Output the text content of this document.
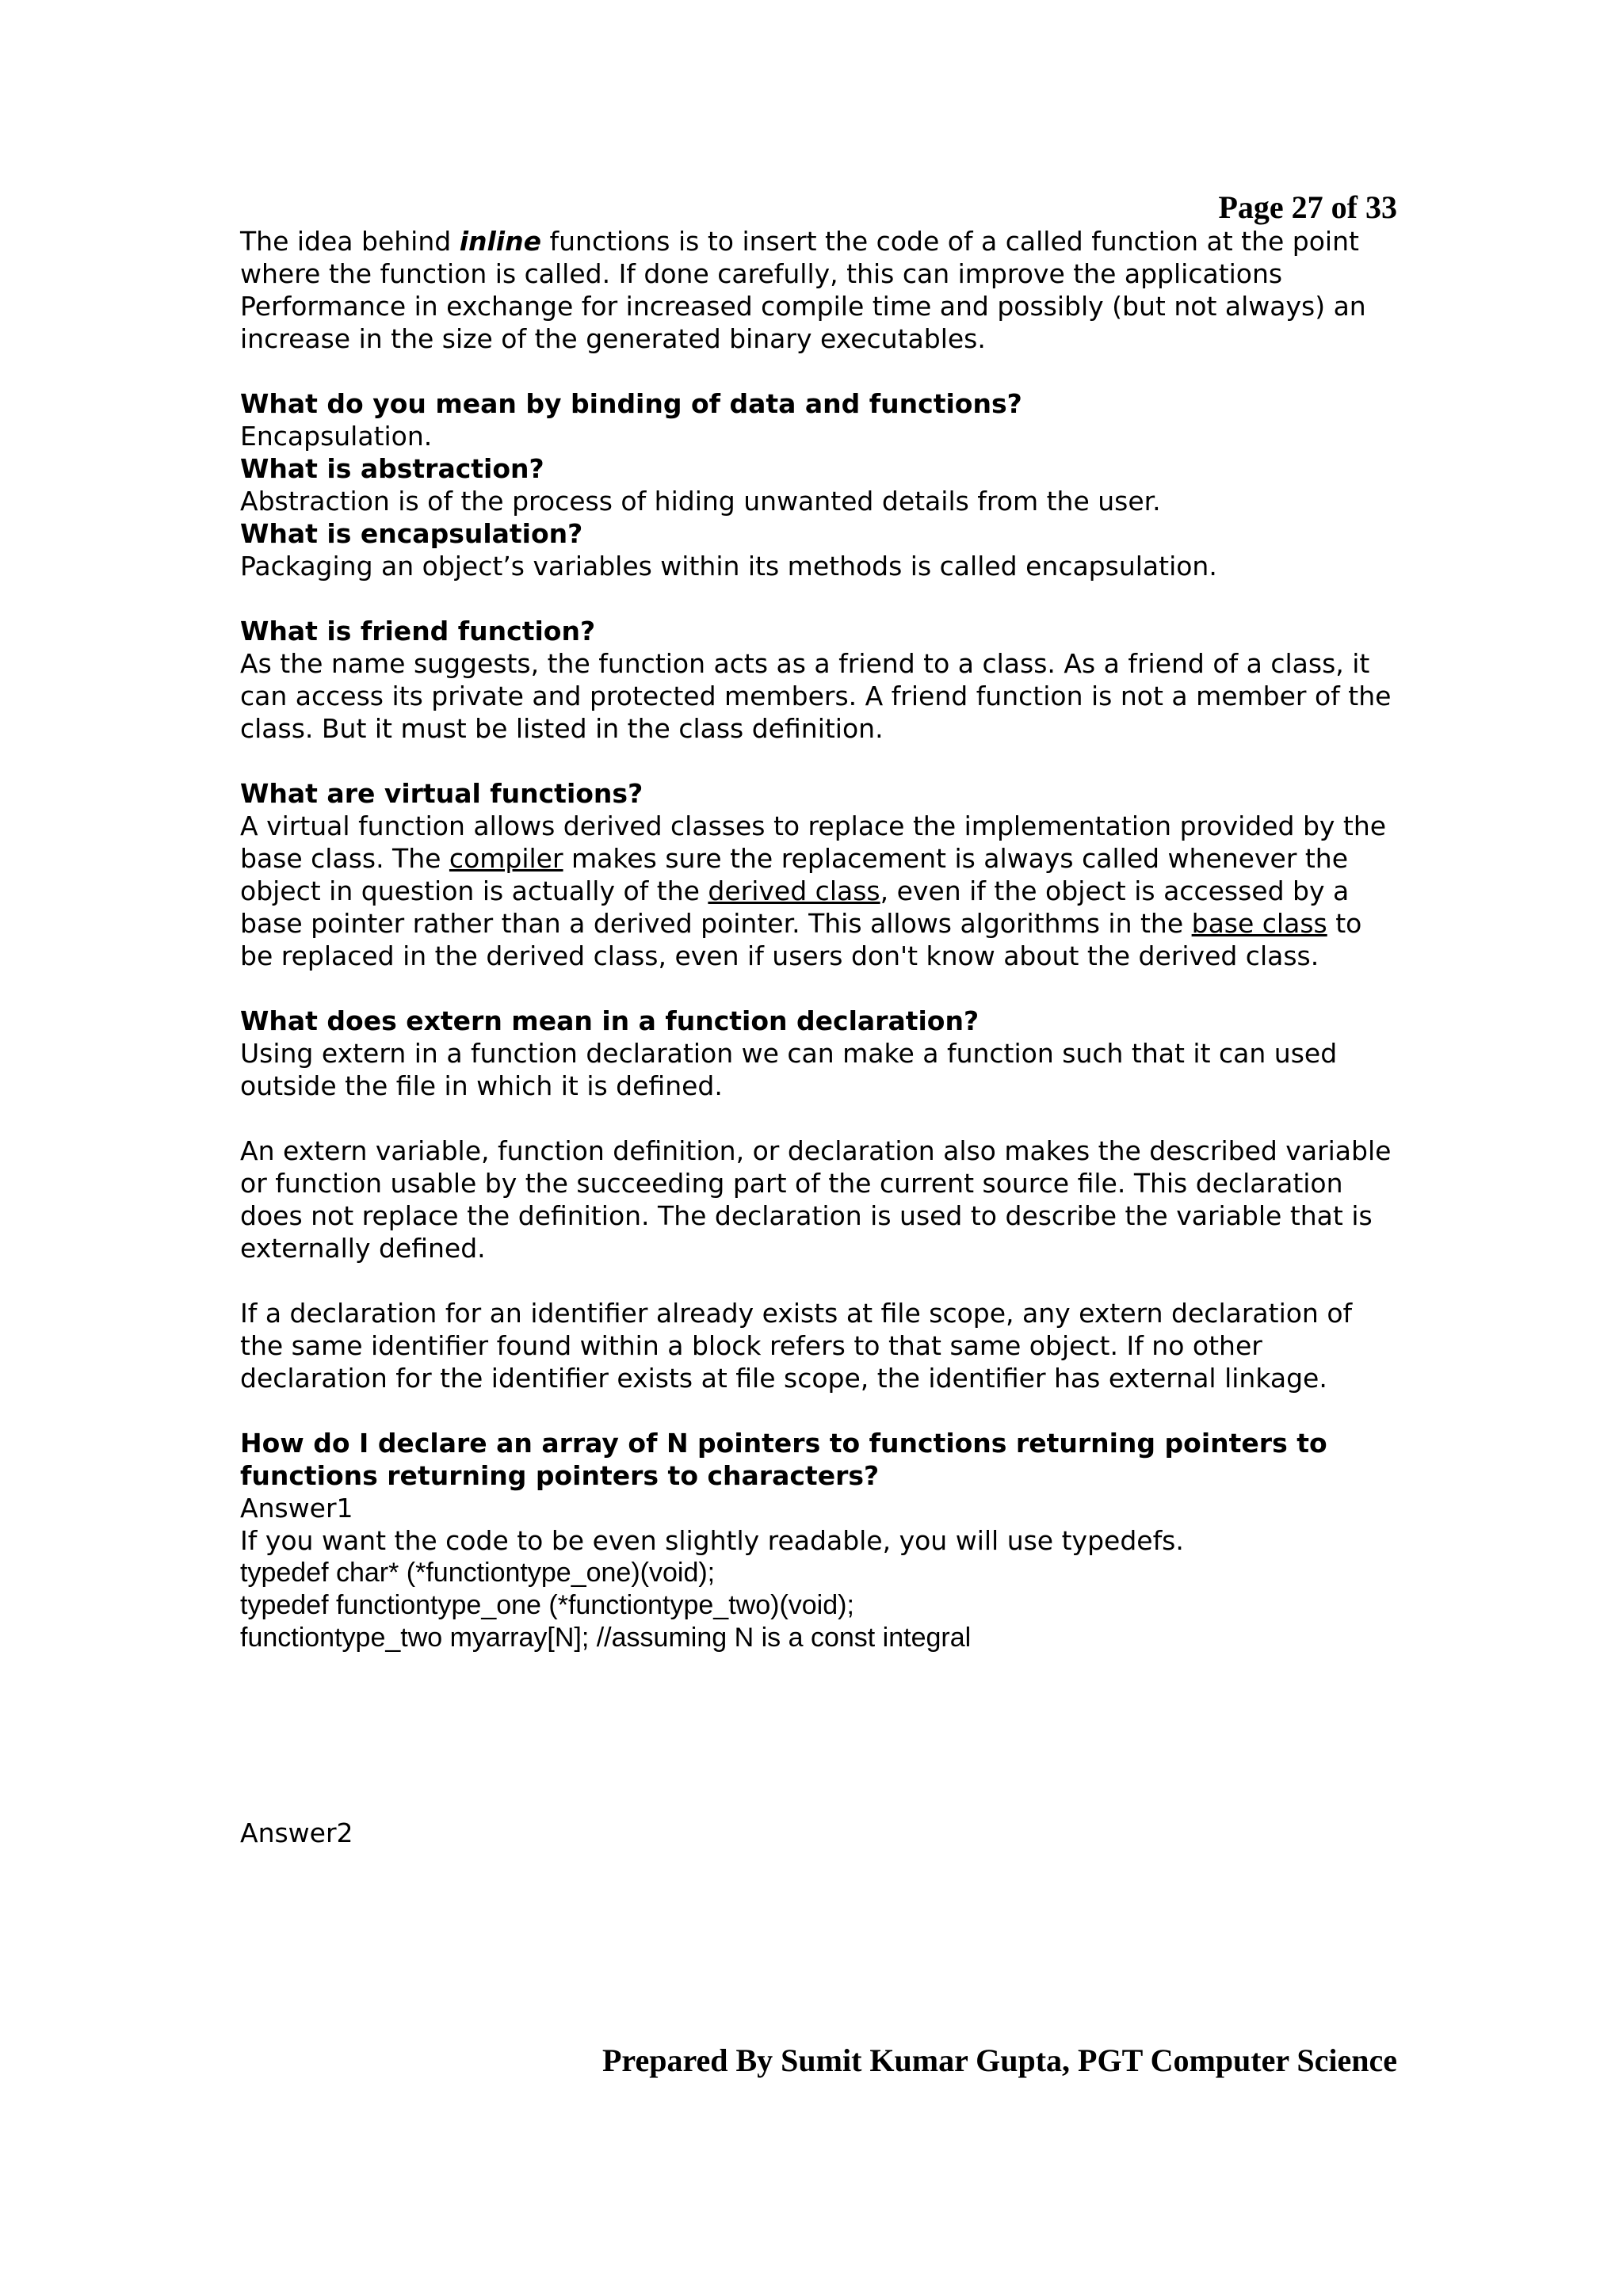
Page 27 of 33

The idea behind inline functions is to insert the code of a called function at the point where the function is called. If done carefully, this can improve the applications Performance in exchange for increased compile time and possibly (but not always) an increase in the size of the generated binary executables.

What do you mean by binding of data and functions?

Encapsulation.

What is abstraction?

Abstraction is of the process of hiding unwanted details from the user.

What is encapsulation?

Packaging an object’s variables within its methods is called encapsulation.

What is friend function?

As the name suggests, the function acts as a friend to a class. As a friend of a class, it can access its private and protected members. A friend function is not a member of the class. But it must be listed in the class definition.

What are virtual functions?

A virtual function allows derived classes to replace the implementation provided by the base class. The compiler makes sure the replacement is always called whenever the object in question is actually of the derived class, even if the object is accessed by a base pointer rather than a derived pointer. This allows algorithms in the base class to be replaced in the derived class, even if users don't know about the derived class.

What does extern mean in a function declaration?

Using extern in a function declaration we can make a function such that it can used outside the file in which it is defined.

An extern variable, function definition, or declaration also makes the described variable or function usable by the succeeding part of the current source file. This declaration does not replace the definition. The declaration is used to describe the variable that is externally defined.

If a declaration for an identifier already exists at file scope, any extern declaration of the same identifier found within a block refers to that same object. If no other declaration for the identifier exists at file scope, the identifier has external linkage.

How do I declare an array of N pointers to functions returning pointers to functions returning pointers to characters?

Answer1

If you want the code to be even slightly readable, you will use typedefs.

typedef char* (*functiontype_one)(void);

typedef functiontype_one (*functiontype_two)(void);

functiontype_two myarray[N]; //assuming N is a const integral

Answer2

Prepared By Sumit Kumar Gupta, PGT Computer Science
